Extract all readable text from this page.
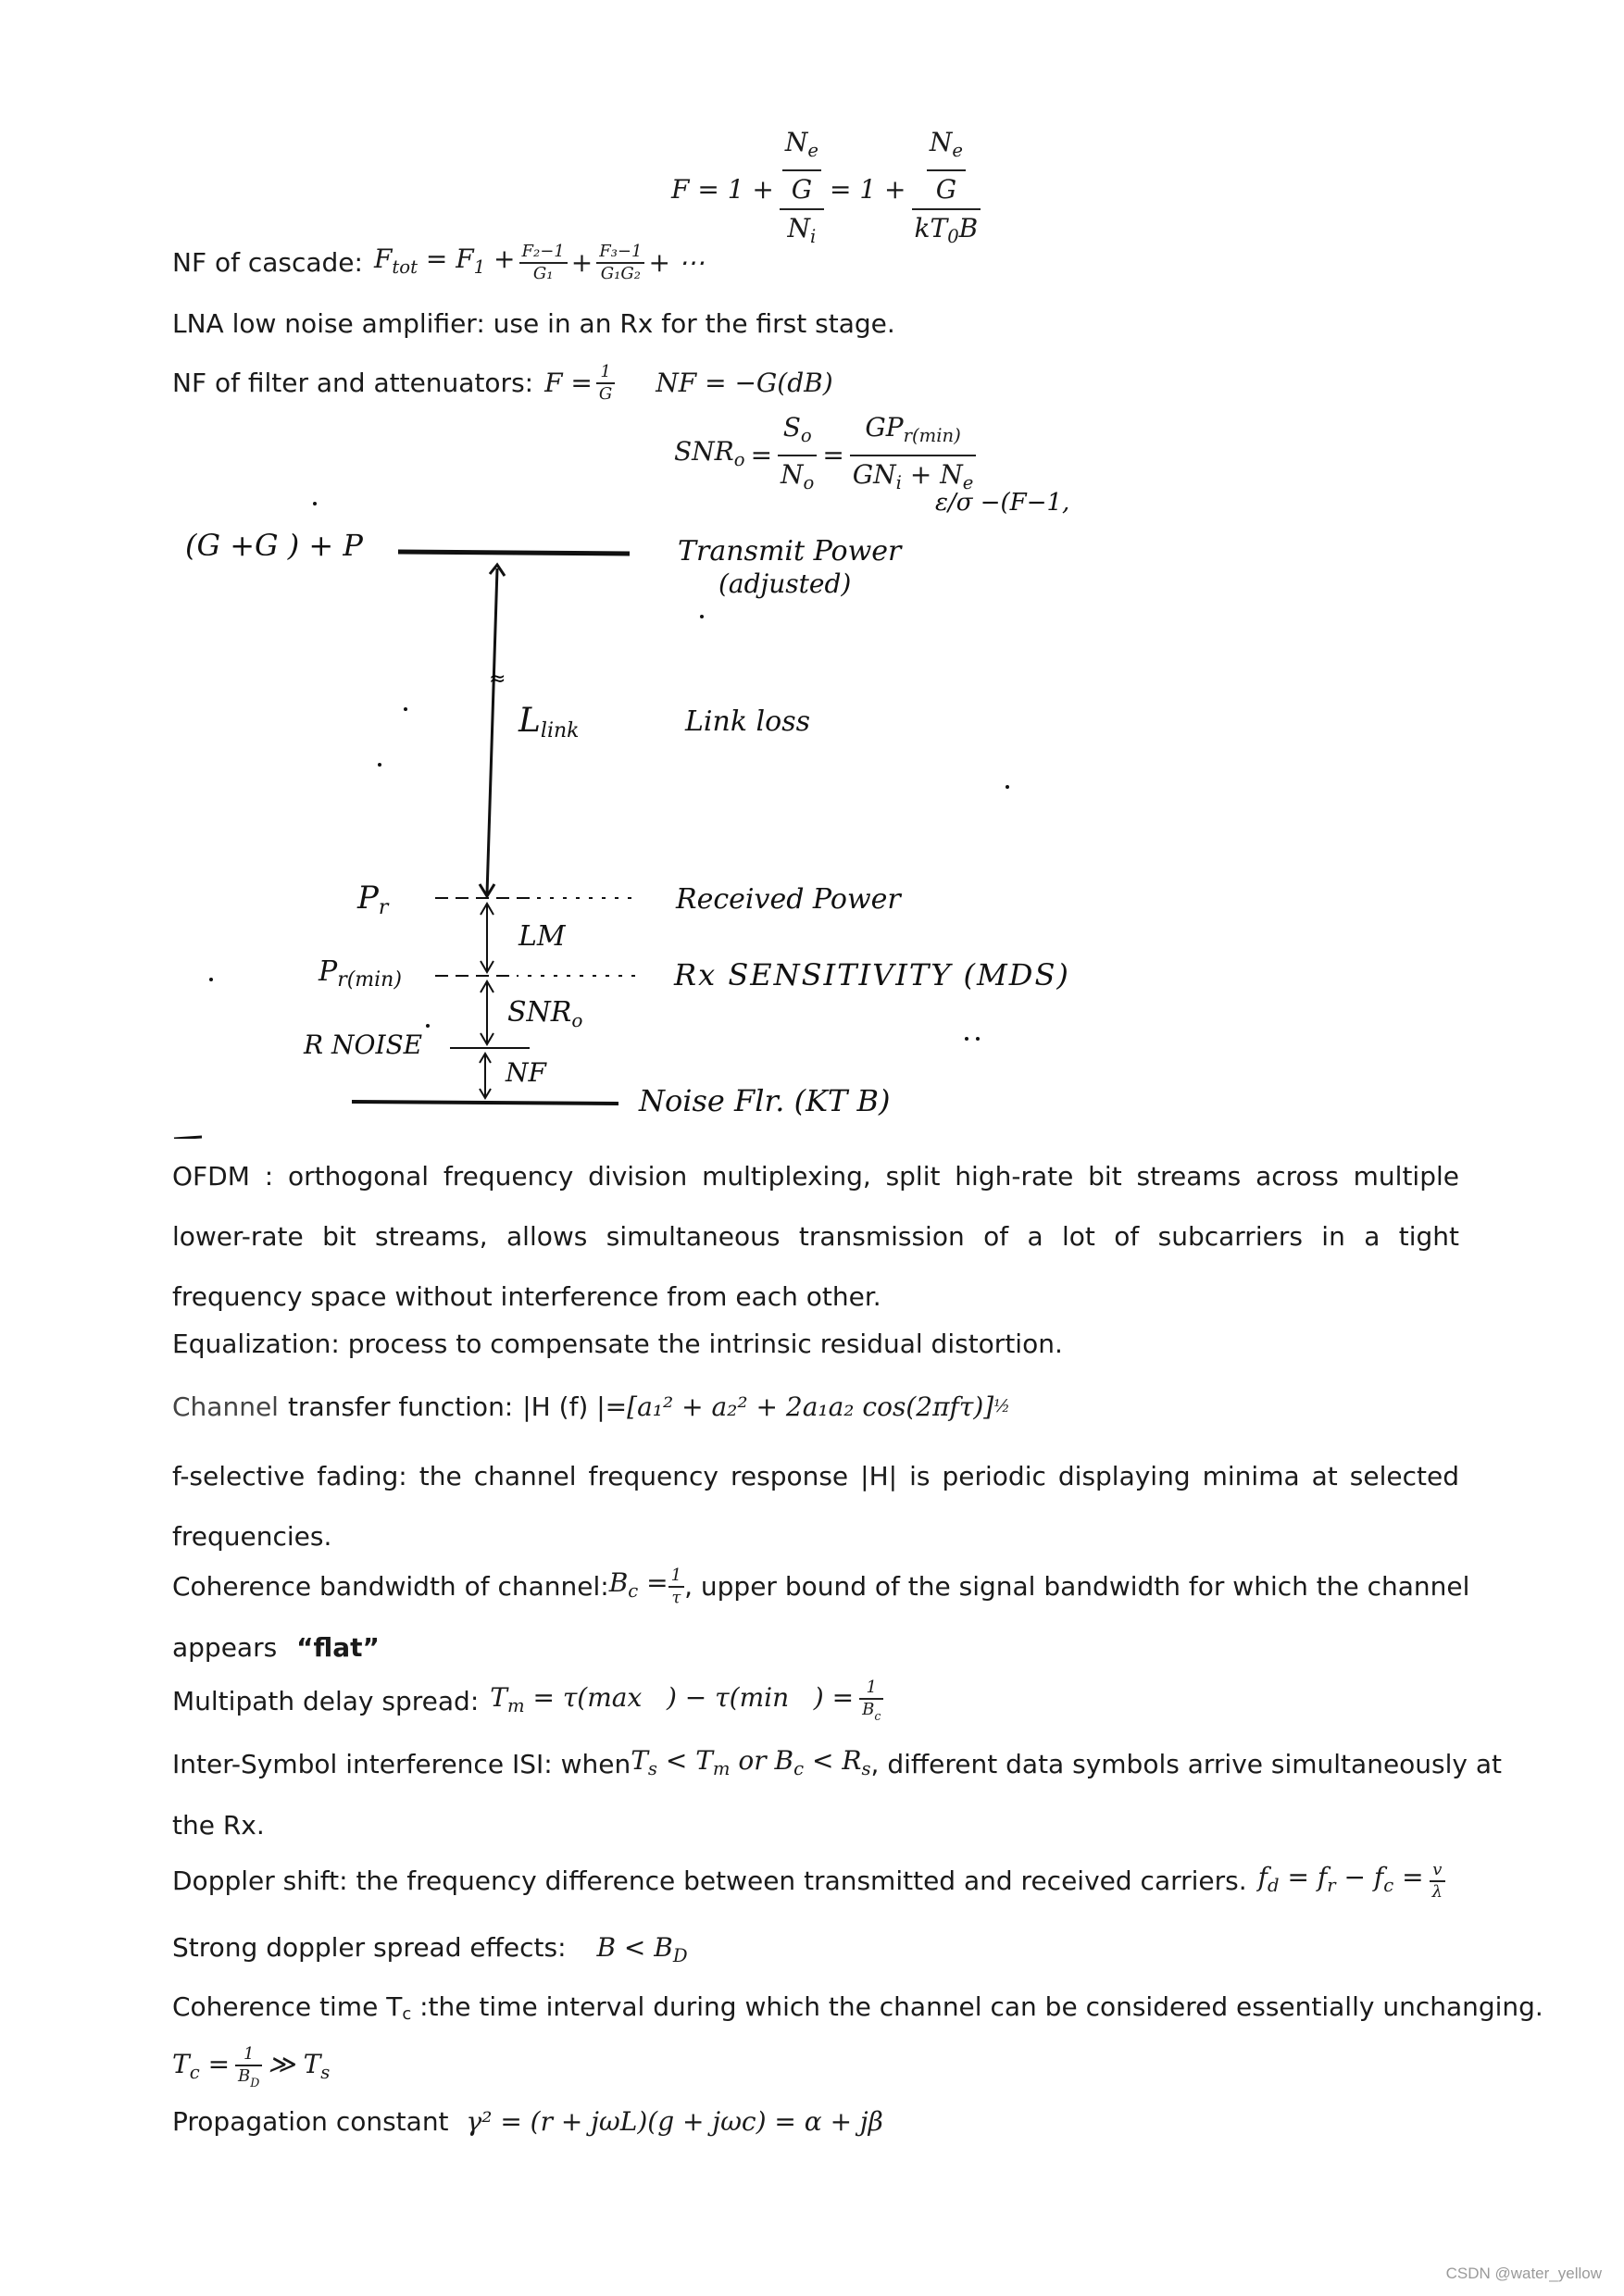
$F = 1 + \frac{\frac{N_e}{G}}{N_i} = 1 + \frac{\frac{N_e}{G}}{kT_0B}$
NF of cascade: $F_{tot} = F_1 + \frac{\text{F₂−1}}{\text{G₁}} + \frac{\text{F₃−1}}{\text{G₁G₂}}$ + ⋯
LNA low noise amplifier: use in an Rx for the first stage.
NF of filter and attenuators: $F = \frac{1}{G}$ NF = −G(dB)
$SNR_o = \frac{S_o}{N_o} = \frac{GP_{r(min)}}{GN_i + N_e}$
≈
ε/σ −(F−1,
(G +G ) + P	Transmit Power
(adjusted)
$L_{link}$	Link loss
$P_r$	Received Power
LM
$P_{r(min)}$	Rx SENSITIVITY (MDS)
$SNR_o$
R NOISE
NF
Noise Flr. (KT B)
OFDM : orthogonal frequency division multiplexing, split high-rate bit streams across multiple lower-rate bit streams, allows simultaneous transmission of a lot of subcarriers in a tight frequency space without interference from each other.
Equalization: process to compensate the intrinsic residual distortion.
Channel transfer function: |H (f) |= [a₁² + a₂² + 2a₁a₂ cos(2πfτ)] ½
f-selective fading: the channel frequency response |H| is periodic displaying minima at selected frequencies.
Coherence bandwidth of channel: $B_c = \frac{1}{\tau}$ , upper bound of the signal bandwidth for which the channel
appears “flat”
Multipath delay spread: $T_m = \tau(\max$   ) − τ(min   ) = $\frac{1}{B_c}$
Inter-Symbol interference ISI: when $T_s < T_m$ or $B_c < R_s$ , different data symbols arrive simultaneously at
the Rx.
Doppler shift: the frequency difference between transmitted and received carriers. $f_d = f_r - f_c = \frac{v}{\lambda}$
Strong doppler spread effects: $B < B_D$
Coherence time $T_c$ :the time interval during which the channel can be considered essentially unchanging.
$T_c = \frac{1}{B_D}$ ≫ $T_s$
Propagation constant γ² = (r + jωL)(g + jωc) = α + jβ
CSDN @water_yellow
